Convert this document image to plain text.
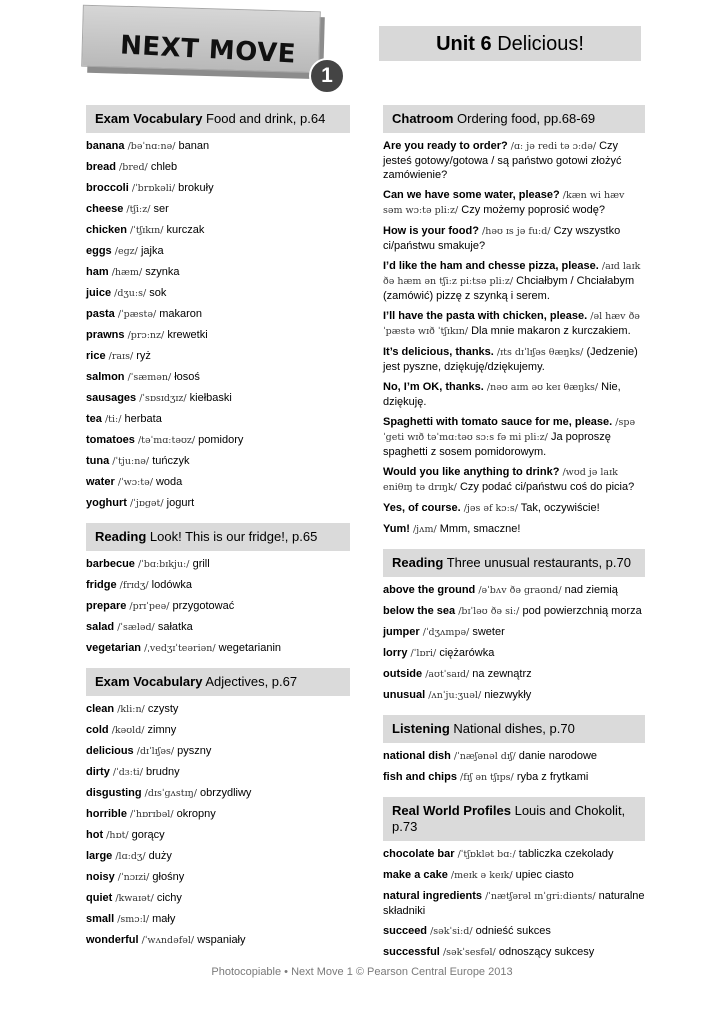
NEXT MOVE
1
Unit 6 Delicious!
Exam Vocabulary Food and drink, p.64
banana /bəˈnɑːnə/ banan
bread /bred/ chleb
broccoli /ˈbrɒkəli/ brokuły
cheese /tʃiːz/ ser
chicken /ˈtʃɪkɪn/ kurczak
eggs /egz/ jajka
ham /hæm/ szynka
juice /dʒuːs/ sok
pasta /ˈpæstə/ makaron
prawns /prɔːnz/ krewetki
rice /raɪs/ ryż
salmon /ˈsæmən/ łosoś
sausages /ˈsɒsɪdʒɪz/ kiełbaski
tea /tiː/ herbata
tomatoes /təˈmɑːtəʊz/ pomidory
tuna /ˈtjuːnə/ tuńczyk
water /ˈwɔːtə/ woda
yoghurt /ˈjɒgət/ jogurt
Reading Look! This is our fridge!, p.65
barbecue /ˈbɑːbɪkjuː/ grill
fridge /frɪdʒ/ lodówka
prepare /prɪˈpeə/ przygotować
salad /ˈsæləd/ sałatka
vegetarian /ˌvedʒɪˈteəriən/ wegetarianin
Exam Vocabulary Adjectives, p.67
clean /kliːn/ czysty
cold /kəʊld/ zimny
delicious /dɪˈlɪʃəs/ pyszny
dirty /ˈdɜːti/ brudny
disgusting /dɪsˈgʌstɪŋ/ obrzydliwy
horrible /ˈhɒrɪbəl/ okropny
hot /hɒt/ gorący
large /lɑːdʒ/ duży
noisy /ˈnɔɪzi/ głośny
quiet /kwaɪət/ cichy
small /smɔːl/ mały
wonderful /ˈwʌndəfəl/ wspaniały
Chatroom Ordering food, pp.68-69
Are you ready to order? /ɑː jə redi tə ɔːdə/ Czy jesteś gotowy/gotowa / są państwo gotowi złożyć zamówienie?
Can we have some water, please? /kæn wi hæv səm wɔːtə pliːz/ Czy możemy poprosić wodę?
How is your food? /həʊ ɪs jə fuːd/ Czy wszystko ci/państwu smakuje?
I’d like the ham and chesse pizza, please. /aɪd laɪk ðə hæm ən tʃiːz piːtsə pliːz/ Chciałbym / Chciałabym (zamówić) pizzę z szynką i serem.
I’ll have the pasta with chicken, please. /əl hæv ðə ˈpæstə wɪð ˈtʃɪkɪn/ Dla mnie makaron z kurczakiem.
It’s delicious, thanks. /ɪts dɪˈlɪʃəs θæŋks/ (Jedzenie) jest pyszne, dziękuję/dziękujemy.
No, I’m OK, thanks. /nəʊ aɪm əʊ keɪ θæŋks/ Nie, dziękuję.
Spaghetti with tomato sauce for me, please. /spəˈgeti wɪð təˈmɑːtəʊ sɔːs fə mi pliːz/ Ja poproszę spaghetti z sosem pomidorowym.
Would you like anything to drink? /wʊd jə laɪk eniθɪŋ tə drɪŋk/ Czy podać ci/państwu coś do picia?
Yes, of course. /jəs əf kɔːs/ Tak, oczywiście!
Yum! /jʌm/ Mmm, smaczne!
Reading Three unusual restaurants, p.70
above the ground /əˈbʌv ðə graʊnd/ nad ziemią
below the sea /bɪˈləʊ ðə siː/ pod powierzchnią morza
jumper /ˈdʒʌmpə/ sweter
lorry /ˈlɒri/ ciężarówka
outside /aʊtˈsaɪd/ na zewnątrz
unusual /ʌnˈjuːʒuəl/ niezwykły
Listening National dishes, p.70
national dish /ˈnæʃənəl dɪʃ/ danie narodowe
fish and chips /fɪʃ ən tʃɪps/ ryba z frytkami
Real World Profiles Louis and Chokolit, p.73
chocolate bar /ˈtʃɒklət bɑː/ tabliczka czekolady
make a cake /meɪk ə keɪk/ upiec ciasto
natural ingredients /ˈnætʃərəl ɪnˈgriːdiənts/ naturalne składniki
succeed /səkˈsiːd/ odnieść sukces
successful /səkˈsesfəl/ odnoszący sukcesy
Photocopiable • Next Move 1 © Pearson Central Europe 2013
